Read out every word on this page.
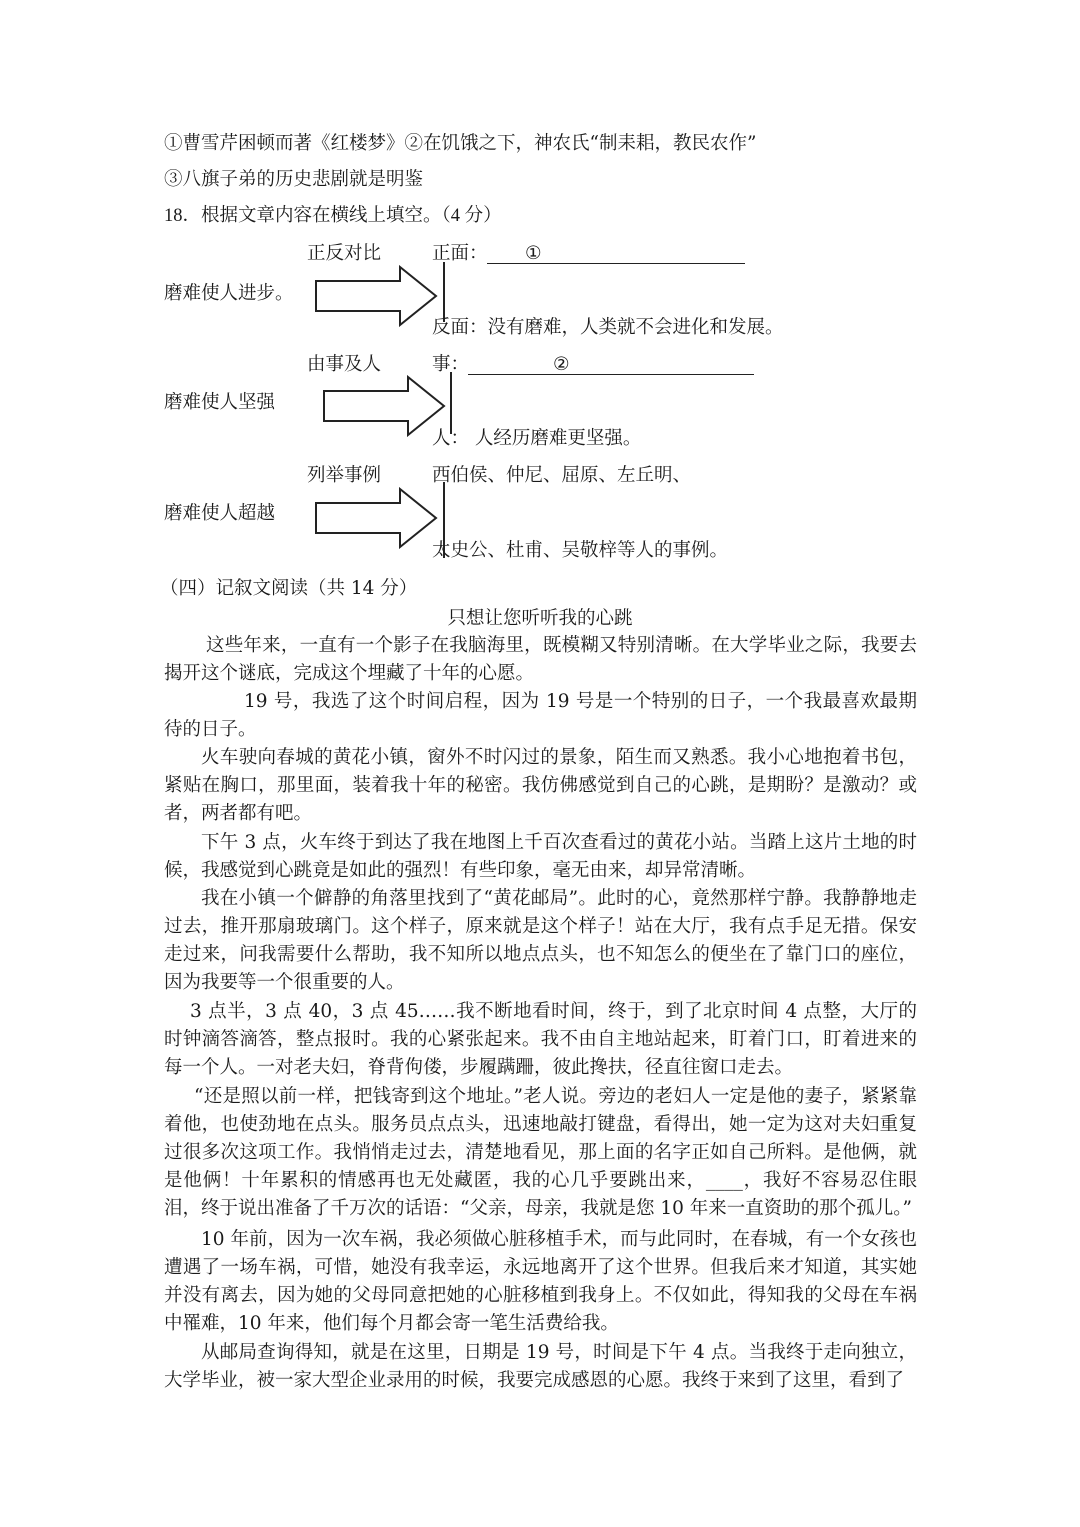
①曹雪芹困顿而著《红楼梦》②在饥饿之下，神农氏“制耒耜，教民农作”
③八旗子弟的历史悲剧就是明鉴
18．根据文章内容在横线上填空。（4 分）
正反对比
磨难使人进步。
正面： ①
反面：没有磨难，人类就不会进化和发展。
由事及人
磨难使人坚强
事：	②
人： 人经历磨难更坚强。
列举事例
磨难使人超越
西伯侯、仲尼、屈原、左丘明、
太史公、杜甫、吴敬梓等人的事例。
（四）记叙文阅读（共 14 分）
只想让您听听我的心跳
这些年来，一直有一个影子在我脑海里，既模糊又特别清晰。在大学毕业之际，我要去揭开这个谜底，完成这个埋藏了十年的心愿。
19 号，我选了这个时间启程，因为 19 号是一个特别的日子，一个我最喜欢最期待的日子。
火车驶向春城的黄花小镇，窗外不时闪过的景象，陌生而又熟悉。我小心地抱着书包，紧贴在胸口，那里面，装着我十年的秘密。我仿佛感觉到自己的心跳，是期盼？是激动？或者，两者都有吧。
下午 3 点，火车终于到达了我在地图上千百次查看过的黄花小站。当踏上这片土地的时候，我感觉到心跳竟是如此的强烈！有些印象，毫无由来，却异常清晰。
我在小镇一个僻静的角落里找到了“黄花邮局”。此时的心，竟然那样宁静。我静静地走过去，推开那扇玻璃门。这个样子，原来就是这个样子！站在大厅，我有点手足无措。保安走过来，问我需要什么帮助，我不知所以地点点头，也不知怎么的便坐在了靠门口的座位，因为我要等一个很重要的人。
3 点半，3 点 40，3 点 45……我不断地看时间，终于，到了北京时间 4 点整，大厅的时钟滴答滴答，整点报时。我的心紧张起来。我不由自主地站起来，盯着门口，盯着进来的每一个人。一对老夫妇，脊背佝偻，步履蹒跚，彼此搀扶，径直往窗口走去。
“还是照以前一样，把钱寄到这个地址。”老人说。旁边的老妇人一定是他的妻子，紧紧靠着他，也使劲地在点头。服务员点点头，迅速地敲打键盘，看得出，她一定为这对夫妇重复过很多次这项工作。我悄悄走过去，清楚地看见，那上面的名字正如自己所料。是他俩，就是他俩！十年累积的情感再也无处藏匿，我的心几乎要跳出来，____，我好不容易忍住眼泪，终于说出准备了千万次的话语：“父亲，母亲，我就是您 10 年来一直资助的那个孤儿。”
10 年前，因为一次车祸，我必须做心脏移植手术，而与此同时，在春城，有一个女孩也遭遇了一场车祸，可惜，她没有我幸运，永远地离开了这个世界。但我后来才知道，其实她并没有离去，因为她的父母同意把她的心脏移植到我身上。不仅如此，得知我的父母在车祸中罹难，10 年来，他们每个月都会寄一笔生活费给我。
从邮局查询得知，就是在这里，日期是 19 号，时间是下午 4 点。当我终于走向独立，大学毕业，被一家大型企业录用的时候，我要完成感恩的心愿。我终于来到了这里，看到了
